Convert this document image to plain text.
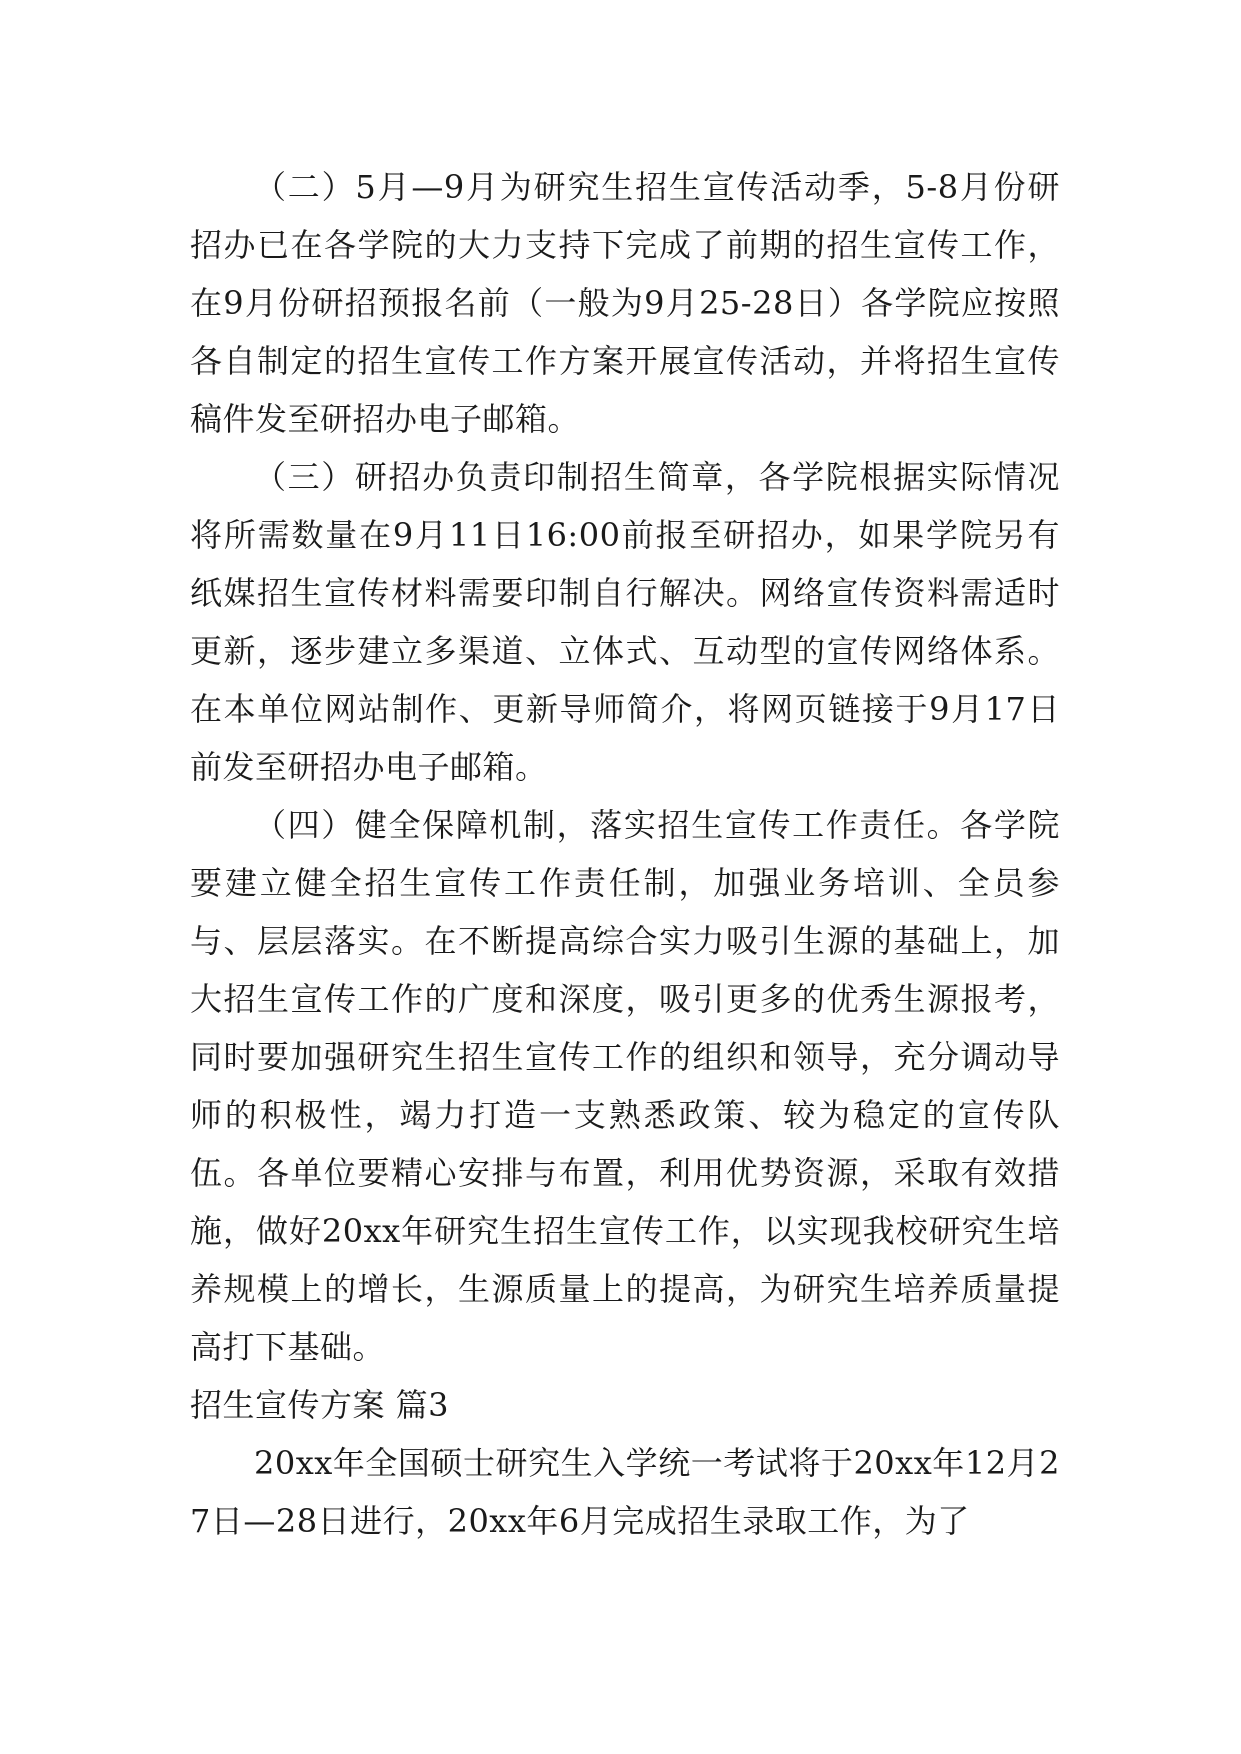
（二）5月—9月为研究生招生宣传活动季，5-8月份研招办已在各学院的大力支持下完成了前期的招生宣传工作，在9月份研招预报名前（一般为9月25-28日）各学院应按照各自制定的招生宣传工作方案开展宣传活动，并将招生宣传稿件发至研招办电子邮箱。

（三）研招办负责印制招生简章，各学院根据实际情况将所需数量在9月11日16:00前报至研招办，如果学院另有纸媒招生宣传材料需要印制自行解决。网络宣传资料需适时更新，逐步建立多渠道、立体式、互动型的宣传网络体系。在本单位网站制作、更新导师简介，将网页链接于9月17日前发至研招办电子邮箱。

（四）健全保障机制，落实招生宣传工作责任。各学院要建立健全招生宣传工作责任制，加强业务培训、全员参与、层层落实。在不断提高综合实力吸引生源的基础上，加大招生宣传工作的广度和深度，吸引更多的优秀生源报考，同时要加强研究生招生宣传工作的组织和领导，充分调动导师的积极性，竭力打造一支熟悉政策、较为稳定的宣传队伍。各单位要精心安排与布置，利用优势资源，采取有效措施，做好20xx年研究生招生宣传工作，以实现我校研究生培养规模上的增长，生源质量上的提高，为研究生培养质量提高打下基础。

招生宣传方案 篇3

20xx年全国硕士研究生入学统一考试将于20xx年12月27日—28日进行，20xx年6月完成招生录取工作，为了
